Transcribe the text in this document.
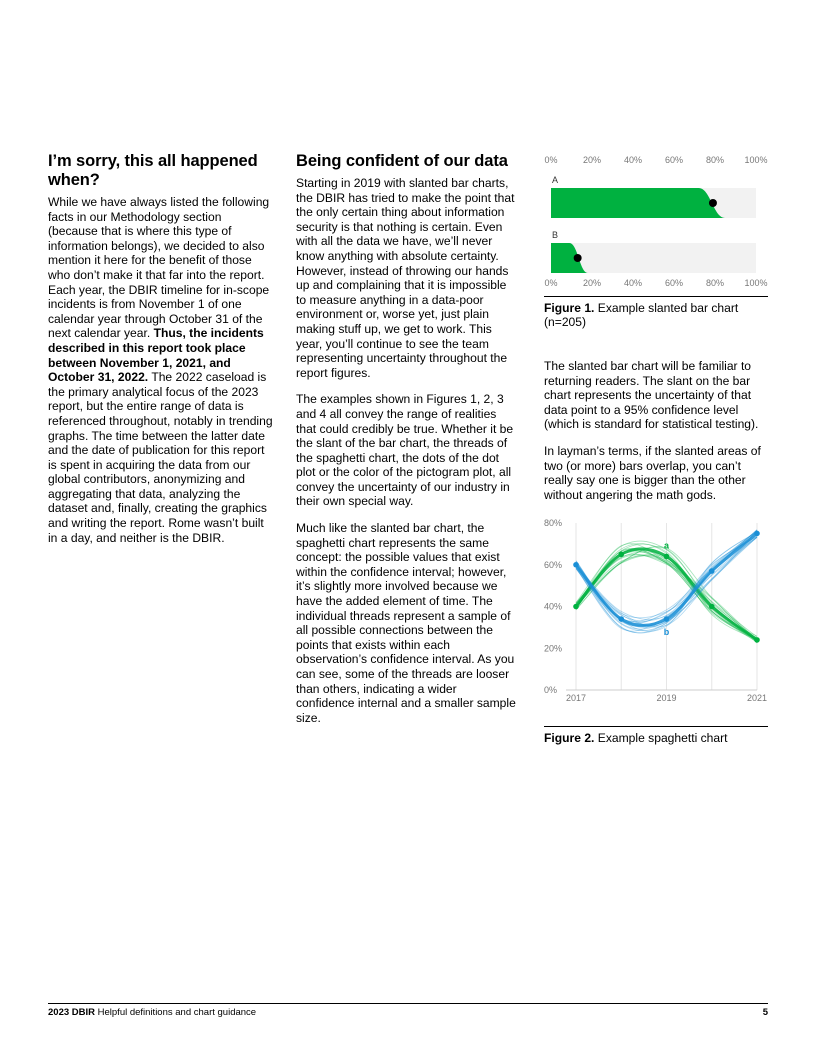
I’m sorry, this all happened when?

While we have always listed the following facts in our Methodology section (because that is where this type of information belongs), we decided to also mention it here for the benefit of those who don’t make it that far into the report. Each year, the DBIR timeline for in-scope incidents is from November 1 of one calendar year through October 31 of the next calendar year. Thus, the incidents described in this report took place between November 1, 2021, and October 31, 2022. The 2022 caseload is the primary analytical focus of the 2023 report, but the entire range of data is referenced throughout, notably in trending graphs. The time between the latter date and the date of publication for this report is spent in acquiring the data from our global contributors, anonymizing and aggregating that data, analyzing the dataset and, finally, creating the graphics and writing the report. Rome wasn’t built in a day, and neither is the DBIR.

Being confident of our data

Starting in 2019 with slanted bar charts, the DBIR has tried to make the point that the only certain thing about information security is that nothing is certain. Even with all the data we have, we’ll never know anything with absolute certainty. However, instead of throwing our hands up and complaining that it is impossible to measure anything in a data-poor environment or, worse yet, just plain making stuff up, we get to work. This year, you’ll continue to see the team representing uncertainty throughout the report figures.

The examples shown in Figures 1, 2, 3 and 4 all convey the range of realities that could credibly be true. Whether it be the slant of the bar chart, the threads of the spaghetti chart, the dots of the dot plot or the color of the pictogram plot, all convey the uncertainty of our industry in their own special way.

Much like the slanted bar chart, the spaghetti chart represents the same concept: the possible values that exist within the confidence interval; however, it’s slightly more involved because we have the added element of time. The individual threads represent a sample of all possible connections between the points that exists within each observation’s confidence interval. As you can see, some of the threads are looser than others, indicating a wider confidence internal and a smaller sample size.

0%
0%
20%
20%
40%
40%
60%
60%
80%
80%
100%
100%
A
B
Figure 1. Example slanted bar chart (n=205)

The slanted bar chart will be familiar to returning readers. The slant on the bar chart represents the uncertainty of that data point to a 95% confidence level (which is standard for statistical testing).

In layman’s terms, if the slanted areas of two (or more) bars overlap, you can’t really say one is bigger than the other without angering the math gods.

0%
20%
40%
60%
80%
2017	2019	2021
a
b
Figure 2. Example spaghetti chart
2023 DBIR Helpful definitions and chart guidance	5
